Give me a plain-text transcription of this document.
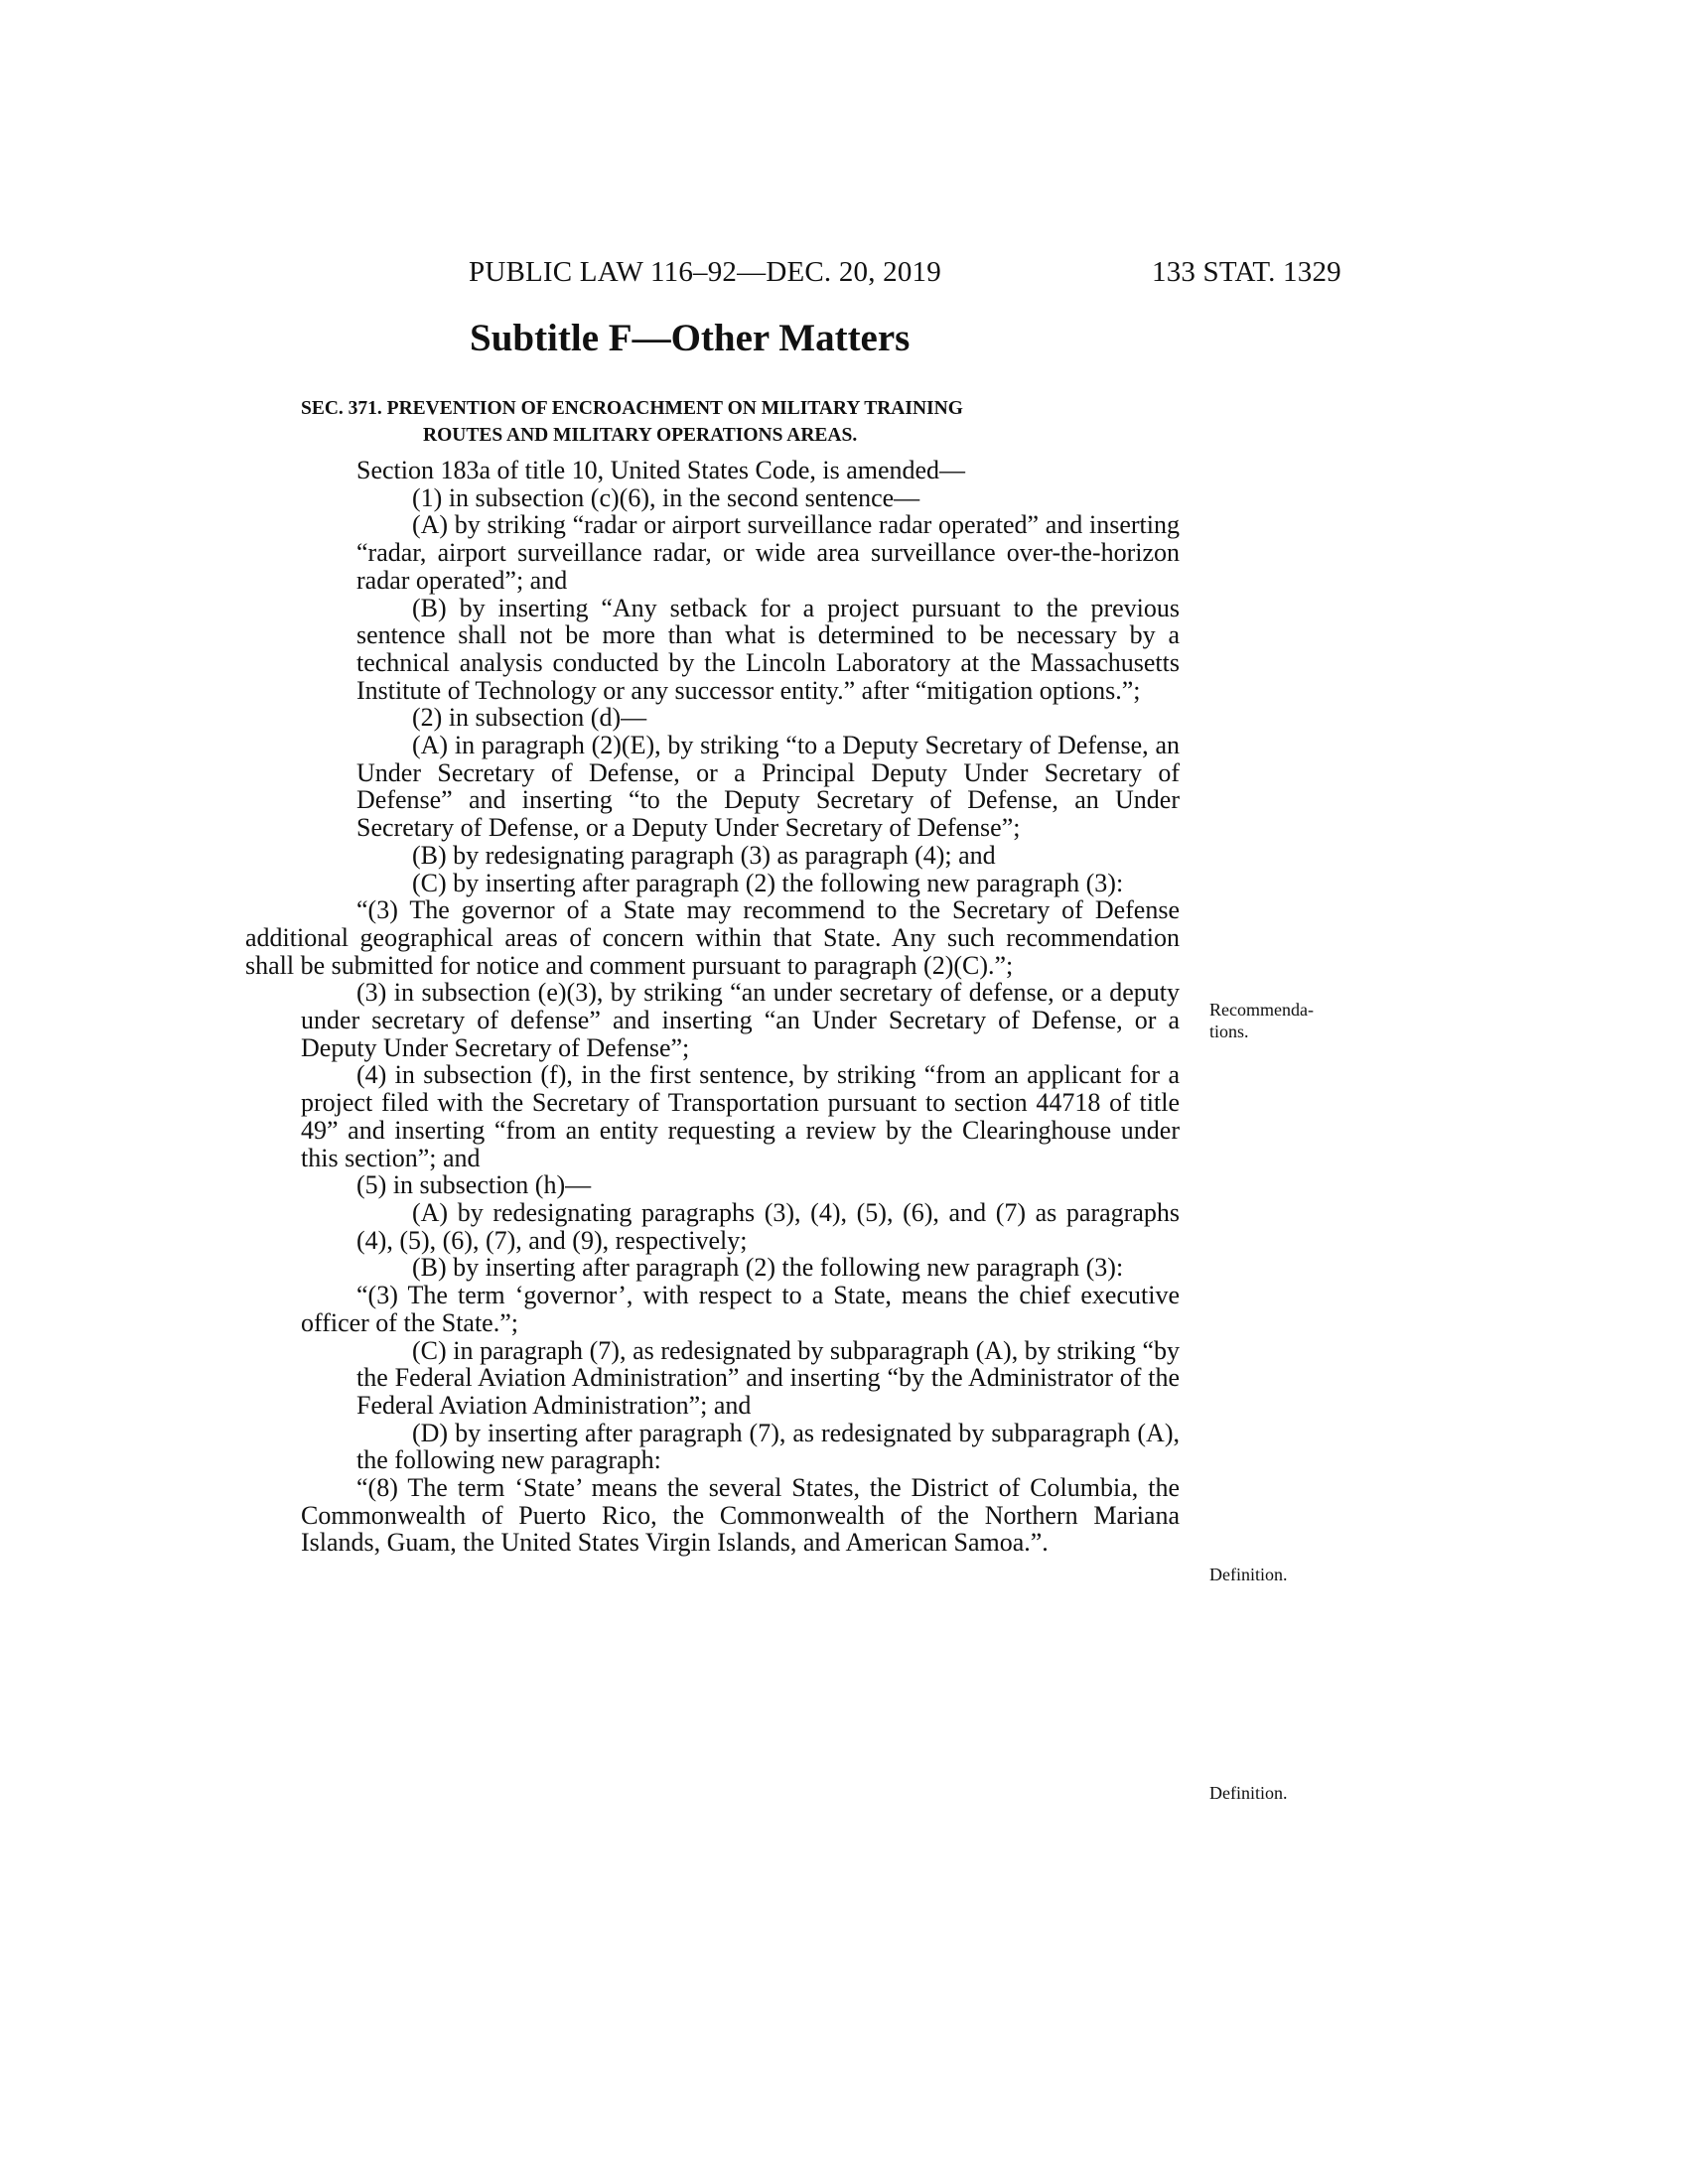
PUBLIC LAW 116–92—DEC. 20, 2019	133 STAT. 1329
Subtitle F—Other Matters
SEC. 371. PREVENTION OF ENCROACHMENT ON MILITARY TRAINING
ROUTES AND MILITARY OPERATIONS AREAS.
Section 183a of title 10, United States Code, is amended—
(1) in subsection (c)(6), in the second sentence—
(A) by striking “radar or airport surveillance radar operated” and inserting “radar, airport surveillance radar, or wide area surveillance over-the-horizon radar operated”; and
(B) by inserting “Any setback for a project pursuant to the previous sentence shall not be more than what is determined to be necessary by a technical analysis conducted by the Lincoln Laboratory at the Massachusetts Institute of Technology or any successor entity.” after “mitigation options.”;
(2) in subsection (d)—
(A) in paragraph (2)(E), by striking “to a Deputy Secretary of Defense, an Under Secretary of Defense, or a Principal Deputy Under Secretary of Defense” and inserting “to the Deputy Secretary of Defense, an Under Secretary of Defense, or a Deputy Under Secretary of Defense”;
(B) by redesignating paragraph (3) as paragraph (4); and
(C) by inserting after paragraph (2) the following new paragraph (3):
“(3) The governor of a State may recommend to the Secretary of Defense additional geographical areas of concern within that State. Any such recommendation shall be submitted for notice and comment pursuant to paragraph (2)(C).”;
(3) in subsection (e)(3), by striking “an under secretary of defense, or a deputy under secretary of defense” and inserting “an Under Secretary of Defense, or a Deputy Under Secretary of Defense”;
(4) in subsection (f), in the first sentence, by striking “from an applicant for a project filed with the Secretary of Transportation pursuant to section 44718 of title 49” and inserting “from an entity requesting a review by the Clearinghouse under this section”; and
(5) in subsection (h)—
(A) by redesignating paragraphs (3), (4), (5), (6), and (7) as paragraphs (4), (5), (6), (7), and (9), respectively;
(B) by inserting after paragraph (2) the following new paragraph (3):
“(3) The term ‘governor’, with respect to a State, means the chief executive officer of the State.”;
(C) in paragraph (7), as redesignated by subparagraph (A), by striking “by the Federal Aviation Administration” and inserting “by the Administrator of the Federal Aviation Administration”; and
(D) by inserting after paragraph (7), as redesignated by subparagraph (A), the following new paragraph:
“(8) The term ‘State’ means the several States, the District of Columbia, the Commonwealth of Puerto Rico, the Commonwealth of the Northern Mariana Islands, Guam, the United States Virgin Islands, and American Samoa.”.
Recommenda-
tions.
Definition.
Definition.
